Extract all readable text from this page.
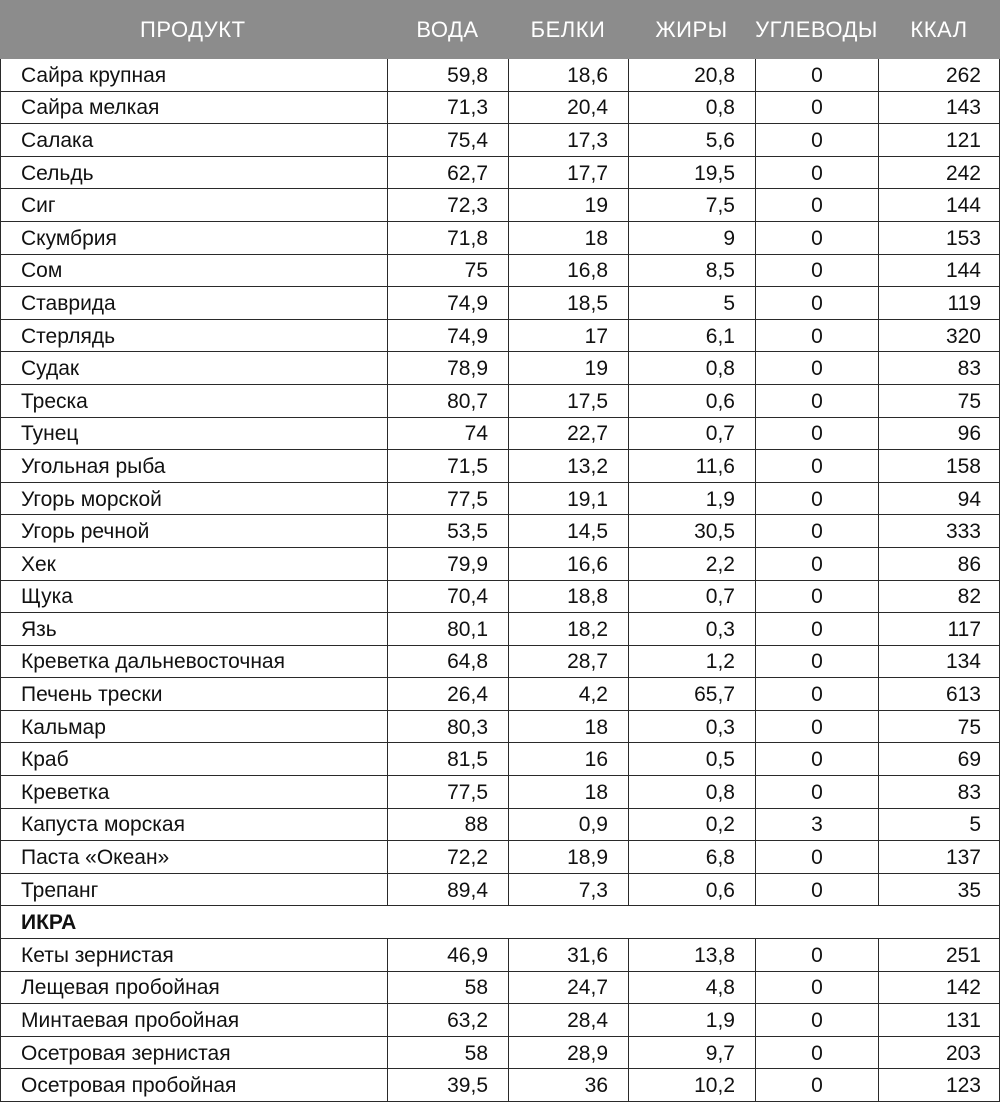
ПРОДУКТ	ВОДА	БЕЛКИ	ЖИРЫ	УГЛЕВОДЫ	ККАЛ
Сайра крупная	59,8	18,6	20,8	0	262
Сайра мелкая	71,3	20,4	0,8	0	143
Салака	75,4	17,3	5,6	0	121
Сельдь	62,7	17,7	19,5	0	242
Сиг	72,3	19	7,5	0	144
Скумбрия	71,8	18	9	0	153
Сом	75	16,8	8,5	0	144
Ставрида	74,9	18,5	5	0	119
Стерлядь	74,9	17	6,1	0	320
Судак	78,9	19	0,8	0	83
Треска	80,7	17,5	0,6	0	75
Тунец	74	22,7	0,7	0	96
Угольная рыба	71,5	13,2	11,6	0	158
Угорь морской	77,5	19,1	1,9	0	94
Угорь речной	53,5	14,5	30,5	0	333
Хек	79,9	16,6	2,2	0	86
Щука	70,4	18,8	0,7	0	82
Язь	80,1	18,2	0,3	0	117
Креветка дальневосточная	64,8	28,7	1,2	0	134
Печень трески	26,4	4,2	65,7	0	613
Кальмар	80,3	18	0,3	0	75
Краб	81,5	16	0,5	0	69
Креветка	77,5	18	0,8	0	83
Капуста морская	88	0,9	0,2	3	5
Паста «Океан»	72,2	18,9	6,8	0	137
Трепанг	89,4	7,3	0,6	0	35
ИКРА
Кеты зернистая	46,9	31,6	13,8	0	251
Лещевая пробойная	58	24,7	4,8	0	142
Минтаевая пробойная	63,2	28,4	1,9	0	131
Осетровая зернистая	58	28,9	9,7	0	203
Осетровая пробойная	39,5	36	10,2	0	123
